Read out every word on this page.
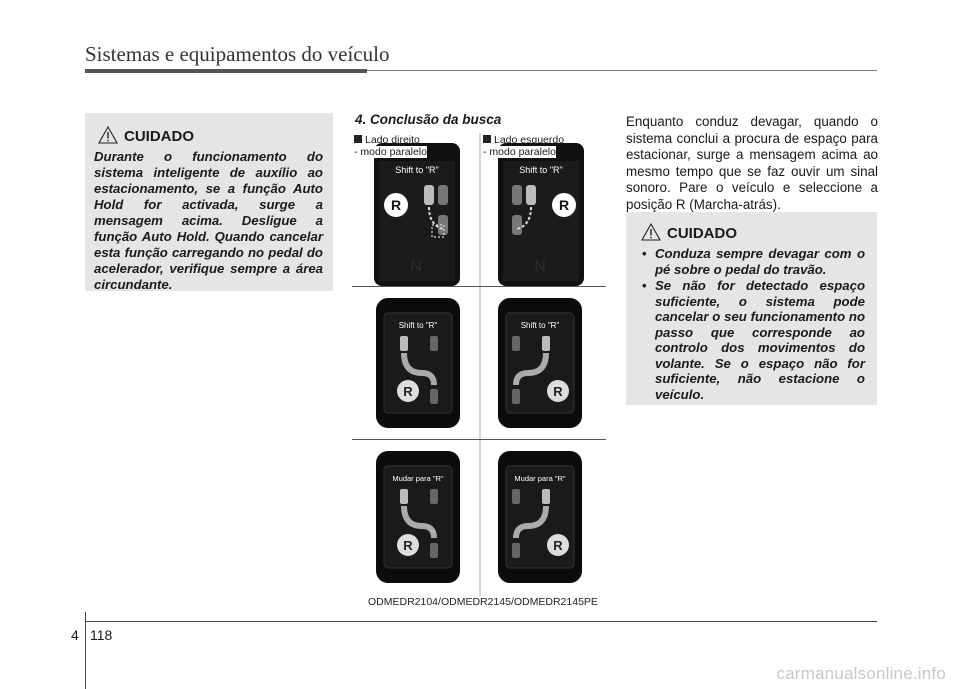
Sistemas e equipamentos do veículo
CUIDADO

Durante o funcionamento do sistema inteligente de auxílio ao estacionamento, se a função Auto Hold for activada, surge a mensagem acima. Desligue a função Auto Hold. Quando cancelar esta função carregando no pedal do acelerador, verifique sempre a área circundante.

4. Conclusão da busca
Shift to "R"
R
N
Shift to "R"
R
N
Shift to "R"
R
Shift to "R"
R
Mudar para "R"
R
Mudar para "R"
R
Lado direito
- modo paralelo
Lado esquerdo
- modo paralelo
ODMEDR2104/ODMEDR2145/ODMEDR2145PE

Enquanto conduz devagar, quando o sistema conclui a procura de espaço para estacionar, surge a mensagem acima ao mesmo tempo que se faz ouvir um sinal sonoro. Pare o veículo e seleccione a posição R (Marcha-atrás).

CUIDADO
• Conduza sempre devagar com o pé sobre o pedal do travão.
• Se não for detectado espaço suficiente, o sistema pode cancelar o seu funcionamento no passo que corresponde ao controlo dos movimentos do volante. Se o espaço não for suficiente, não estacione o veículo.
4 118
carmanualsonline.info
